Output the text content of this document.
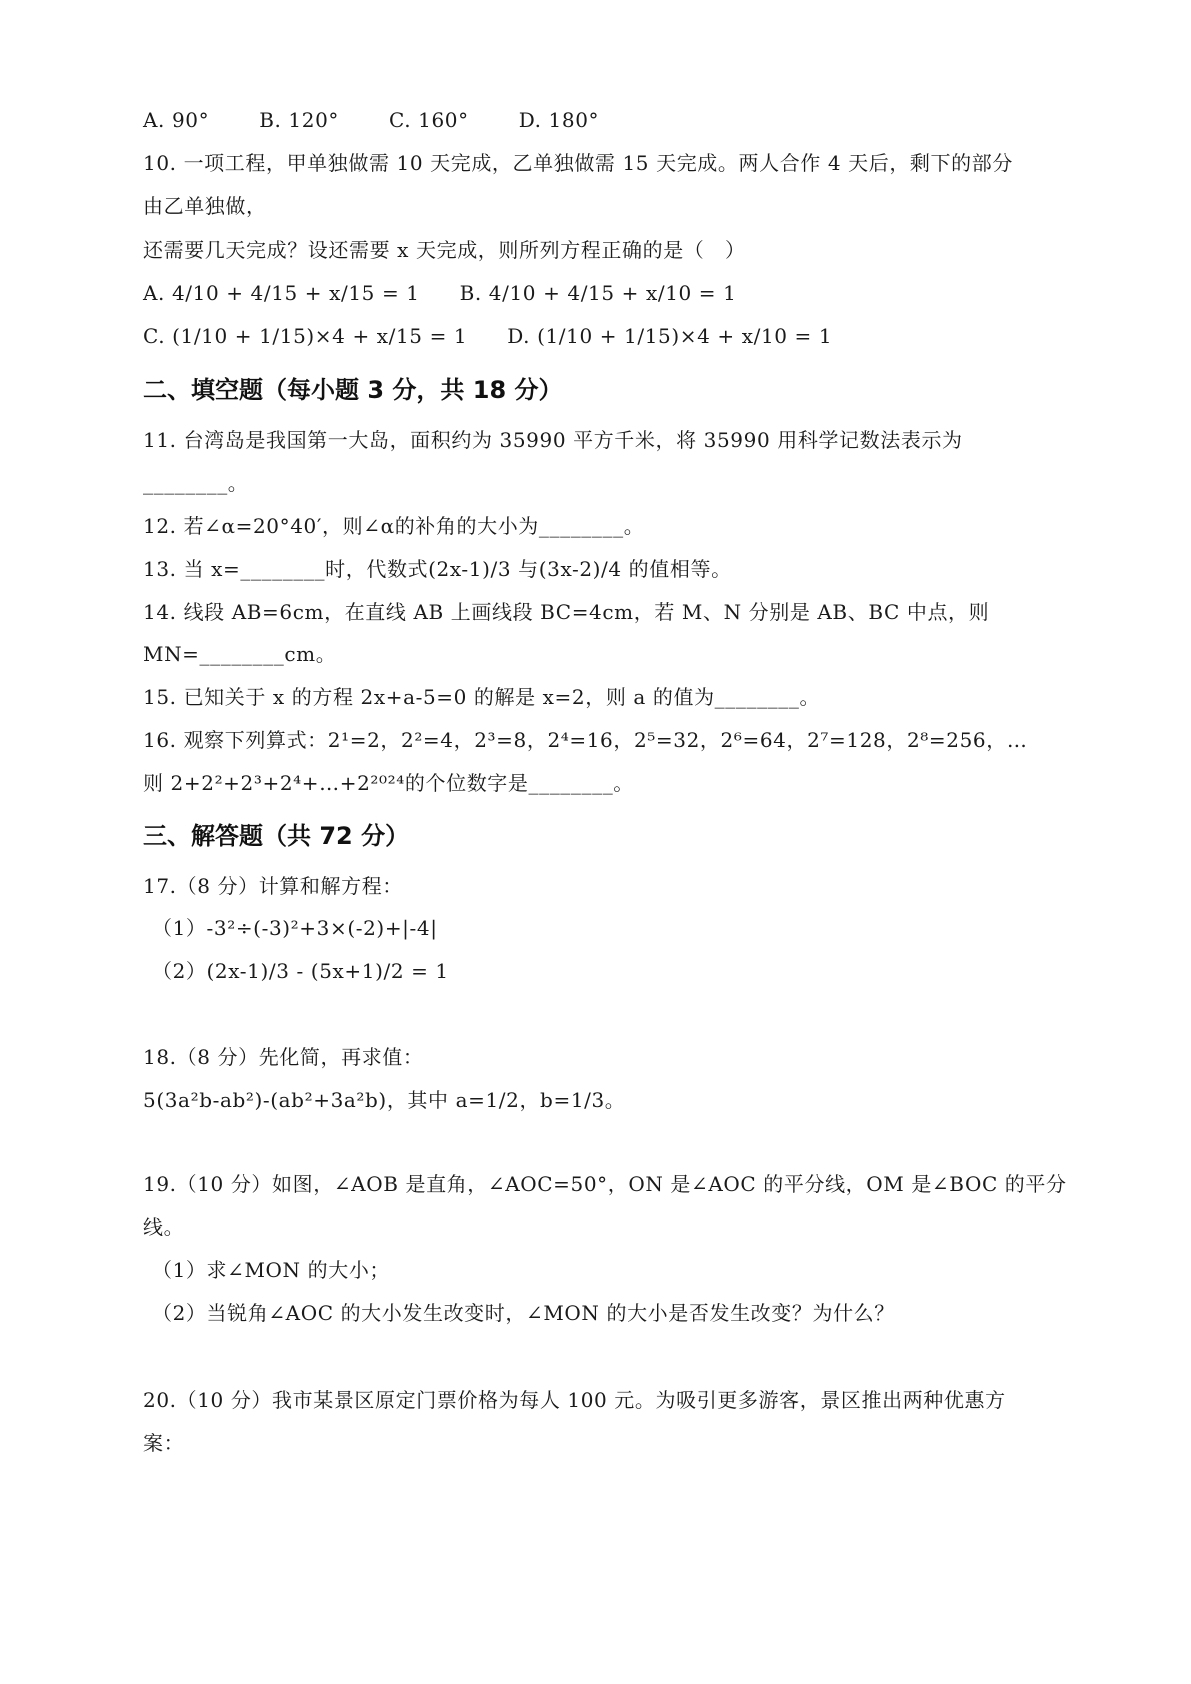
A. 90°	B. 120°	C. 160°	D. 180°

10. 一项工程，甲单独做需 10 天完成，乙单独做需 15 天完成。两人合作 4 天后，剩下的部分

由乙单独做，

还需要几天完成？设还需要 x 天完成，则所列方程正确的是（　）

A. 4/10 + 4/15 + x/15 = 1 B. 4/10 + 4/15 + x/10 = 1

C. (1/10 + 1/15)×4 + x/15 = 1 D. (1/10 + 1/15)×4 + x/10 = 1

二、填空题（每小题 3 分，共 18 分）

11. 台湾岛是我国第一大岛，面积约为 35990 平方千米，将 35990 用科学记数法表示为

________。

12. 若∠α=20°40′，则∠α的补角的大小为________。

13. 当 x=________时，代数式(2x-1)/3 与(3x-2)/4 的值相等。

14. 线段 AB=6cm，在直线 AB 上画线段 BC=4cm，若 M、N 分别是 AB、BC 中点，则

MN=________cm。

15. 已知关于 x 的方程 2x+a-5=0 的解是 x=2，则 a 的值为________。

16. 观察下列算式：2¹=2，2²=4，2³=8，2⁴=16，2⁵=32，2⁶=64，2⁷=128，2⁸=256，…

则 2+2²+2³+2⁴+…+2²⁰²⁴的个位数字是________。

三、解答题（共 72 分）

17.（8 分）计算和解方程：

（1）-3²÷(-3)²+3×(-2)+|-4|

（2）(2x-1)/3 - (5x+1)/2 = 1

18.（8 分）先化简，再求值：

5(3a²b-ab²)-(ab²+3a²b)，其中 a=1/2，b=1/3。

19.（10 分）如图，∠AOB 是直角，∠AOC=50°，ON 是∠AOC 的平分线，OM 是∠BOC 的平分

线。

（1）求∠MON 的大小；

（2）当锐角∠AOC 的大小发生改变时，∠MON 的大小是否发生改变？为什么？

20.（10 分）我市某景区原定门票价格为每人 100 元。为吸引更多游客，景区推出两种优惠方

案：
